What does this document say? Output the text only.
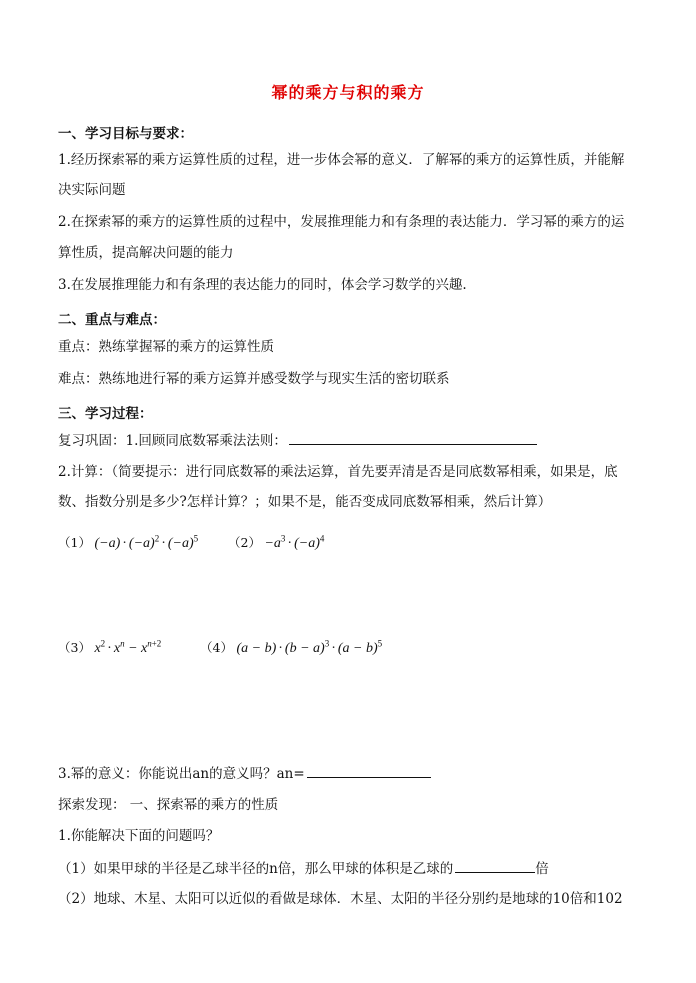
幂的乘方与积的乘方
一、学习目标与要求：
1.经历探索幂的乘方运算性质的过程，进一步体会幂的意义．了解幂的乘方的运算性质，并能解
决实际问题
2.在探索幂的乘方的运算性质的过程中，发展推理能力和有条理的表达能力．学习幂的乘方的运
算性质，提高解决问题的能力
3.在发展推理能力和有条理的表达能力的同时，体会学习数学的兴趣.
二、重点与难点：
重点：熟练掌握幂的乘方的运算性质
难点：熟练地进行幂的乘方运算并感受数学与现实生活的密切联系
三、学习过程：
复习巩固：1.回顾同底数幂乘法法则：
2.计算：（简要提示：进行同底数幂的乘法运算，首先要弄清是否是同底数幂相乘，如果是，底
数、指数分别是多少?怎样计算？；如果不是，能否变成同底数幂相乘，然后计算）
（1） $(-a) \cdot (-a)^2 \cdot (-a)^5$ $(2) -a^3 \cdot (-a)^4$
（3） $x^2 \cdot x^n - x^{n+2}$	（4） $(a - b) \cdot (b - a)^3 \cdot (a - b)^5$
3.幂的意义：你能说出an的意义吗？an=
探索发现： 一、探索幂的乘方的性质
1.你能解决下面的问题吗？
（1）如果甲球的半径是乙球半径的n倍，那么甲球的体积是乙球的	倍
（2）地球、木星、太阳可以近似的看做是球体．木星、太阳的半径分别约是地球的10倍和102
